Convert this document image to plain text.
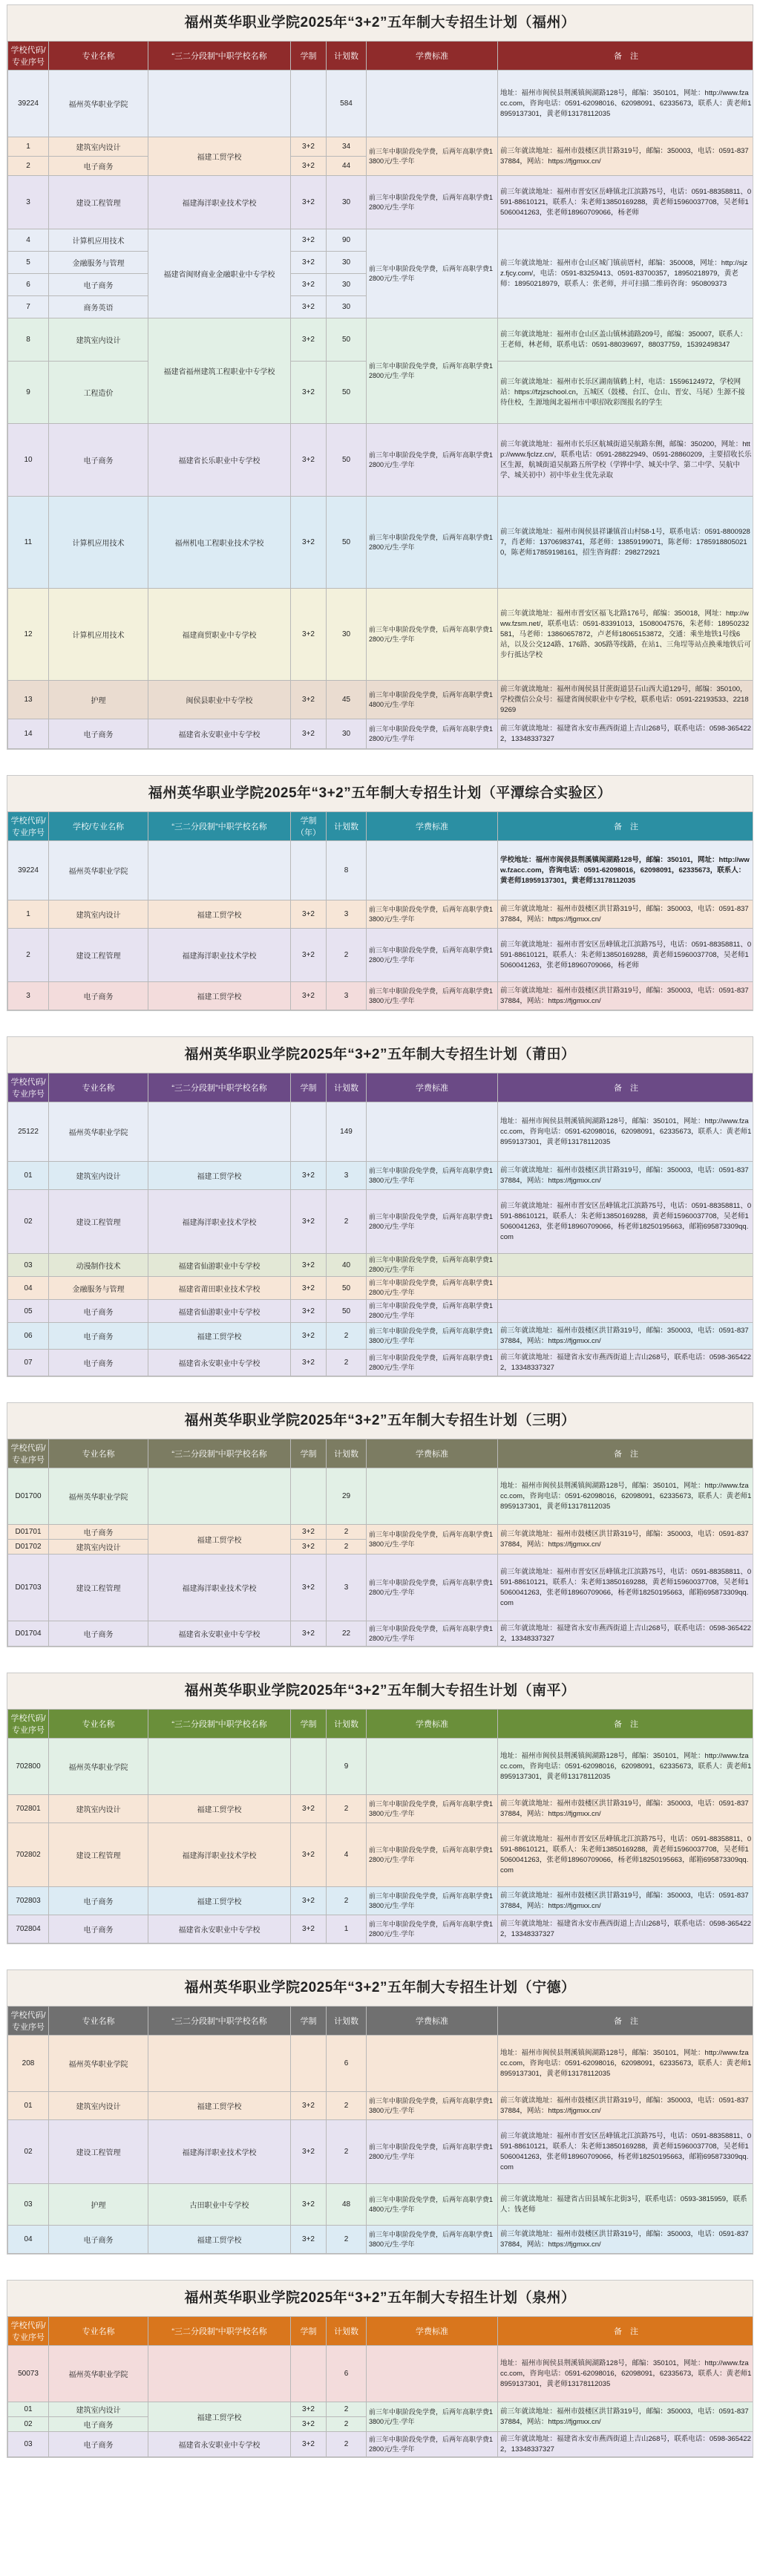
福州英华职业学院2025年“3+2”五年制大专招生计划（福州）
学校代码/专业序号	专业名称	“三二分段制”中职学校名称	学制	计划数	学费标准	备　注
39224	福州英华职业学院			584		地址：福州市闽侯县荆溪镇闽湖路128号，邮编：350101，网址：http://www.fzacc.com，咨询电话：0591-62098016、62098091、62335673，联系人：黄老师18959137301，黄老师13178112035
1	建筑室内设计	福建工贸学校	3+2	34	前三年中职阶段免学费，后两年高职学费13800元/生·学年	前三年就读地址：福州市鼓楼区洪甘路319号，邮编：350003，电话：0591-83737884，网站：https://fjgmxx.cn/
2	电子商务		3+2	44		
3	建设工程管理	福建海洋职业技术学校	3+2	30	前三年中职阶段免学费，后两年高职学费12800元/生·学年	前三年就读地址：福州市晋安区岳峰镇北江滨路75号，电话：0591-88358811、0591-88610121，联系人：朱老师13850169288，黄老师15960037708，吴老师15060041263，张老师18960709066，杨老师
4	计算机应用技术	福建省闽财商业金融职业中专学校	3+2	90	前三年中职阶段免学费，后两年高职学费12800元/生·学年	前三年就读地址：福州市仓山区城门镇前厝村，邮编：350008，网址：http://sjzz.fjcy.com/，电话：0591-83259413、0591-83700357，18950218979，黄老师：18950218979，联系人：张老师，并可扫描二维码咨询：950809373
5	金融服务与管理		3+2	30		
6	电子商务		3+2	30		
7	商务英语		3+2	30		
8	建筑室内设计	福建省福州建筑工程职业中专学校	3+2	50	前三年中职阶段免学费，后两年高职学费12800元/生·学年	前三年就读地址：福州市仓山区盖山镇林浦路209号，邮编：350007，联系人：王老师，林老师，联系电话：0591-88039697，88037759，15392498347
9	工程造价		3+2	50		前三年就读地址：福州市长乐区湖南镇鹤上村，电话：15596124972，学校网站：https://fzjzschool.cn，五城区（鼓楼、台江、仓山、晋安、马尾）生源不接待住校，生源地闽北福州市中职招收彩图报名的学生
10	电子商务	福建省长乐职业中专学校	3+2	50	前三年中职阶段免学费，后两年高职学费12800元/生·学年	前三年就读地址：福州市长乐区航城街道吴航路东侧，邮编：350200，网址：http://www.fjclzz.cn/，联系电话：0591-28822949、0591-28860209，主要招收长乐区生源，航城街道吴航路五所学校（学铧中学、城关中学、第二中学、吴航中学、城关初中）初中毕业生优先录取
11	计算机应用技术	福州机电工程职业技术学校	3+2	50	前三年中职阶段免学费，后两年高职学费12800元/生·学年	前三年就读地址：福州市闽侯县祥谦镇首山村58-1号，联系电话：0591-88009287，肖老师：13706983741，郑老师：13859199071，陈老师：17859188050210，陈老师17859198161，招生咨询群：298272921
12	计算机应用技术	福建商贸职业中专学校	3+2	30	前三年中职阶段免学费，后两年高职学费12800元/生·学年	前三年就读地址：福州市晋安区福飞北路176号，邮编：350018，网址：http://www.fzsm.net/，联系电话：0591-83391013，15080047576，朱老师：18950232581，马老师：13860657872，卢老师18065153872，交通：乘坐地铁1号线6站，以及公交124路、176路、305路等线路，在站1、三角埕等站点换乘地铁后可步行抵达学校
13	护理	闽侯县职业中专学校	3+2	45	前三年中职阶段免学费，后两年高职学费14800元/生·学年	前三年就读地址：福州市闽侯县甘蔗街道昙石山西大道129号，邮编：350100，学校微信公众号：福建省闽侯职业中专学校，联系电话：0591-22193533、22189269
14	电子商务	福建省永安职业中专学校	3+2	30	前三年中职阶段免学费，后两年高职学费12800元/生·学年	前三年就读地址：福建省永安市燕西街道上吉山268号，联系电话：0598-3654222，13348337327
福州英华职业学院2025年“3+2”五年制大专招生计划（平潭综合实验区）
学校代码/专业序号	学校/专业名称	“三二分段制”中职学校名称	学制（年）	计划数	学费标准	备　注
39224	福州英华职业学院			8		学校地址：福州市闽侯县荆溪镇闽湖路128号，邮编：350101，网址：http://www.fzacc.com，咨询电话：0591-62098016，62098091，62335673，联系人：黄老师18959137301，黄老师13178112035
1	建筑室内设计	福建工贸学校	3+2	3	前三年中职阶段免学费，后两年高职学费13800元/生·学年	前三年就读地址：福州市鼓楼区洪甘路319号，邮编：350003，电话：0591-83737884，网站：https://fjgmxx.cn/
2	建设工程管理	福建海洋职业技术学校	3+2	2	前三年中职阶段免学费，后两年高职学费12800元/生·学年	前三年就读地址：福州市晋安区岳峰镇北江滨路75号，电话：0591-88358811、0591-88610121，联系人：朱老师13850169288，黄老师15960037708，吴老师15060041263，张老师18960709066，杨老师
3	电子商务	福建工贸学校	3+2	3	前三年中职阶段免学费，后两年高职学费13800元/生·学年	前三年就读地址：福州市鼓楼区洪甘路319号，邮编：350003，电话：0591-83737884，网站：https://fjgmxx.cn/
福州英华职业学院2025年“3+2”五年制大专招生计划（莆田）
学校代码/专业序号	专业名称	“三二分段制”中职学校名称	学制	计划数	学费标准	备　注
25122	福州英华职业学院			149		地址：福州市闽侯县荆溪镇闽湖路128号，邮编：350101，网址：http://www.fzacc.com，咨询电话：0591-62098016，62098091，62335673，联系人：黄老师18959137301，黄老师13178112035
01	建筑室内设计	福建工贸学校	3+2	3	前三年中职阶段免学费，后两年高职学费13800元/生·学年	前三年就读地址：福州市鼓楼区洪甘路319号，邮编：350003，电话：0591-83737884，网站：https://fjgmxx.cn/
02	建设工程管理	福建海洋职业技术学校	3+2	2	前三年中职阶段免学费，后两年高职学费12800元/生·学年	前三年就读地址：福州市晋安区岳峰镇北江滨路75号，电话：0591-88358811、0591-88610121，联系人：朱老师13850169288，黄老师15960037708，吴老师15060041263，张老师18960709066，杨老师18250195663，邮箱695873309qq.com
03	动漫制作技术	福建省仙游职业中专学校	3+2	40	前三年中职阶段免学费，后两年高职学费12800元/生·学年	
04	金融服务与管理	福建省莆田职业技术学校	3+2	50	前三年中职阶段免学费，后两年高职学费12800元/生·学年	
05	电子商务	福建省仙游职业中专学校	3+2	50	前三年中职阶段免学费，后两年高职学费12800元/生·学年	
06	电子商务	福建工贸学校	3+2	2	前三年中职阶段免学费，后两年高职学费13800元/生·学年	前三年就读地址：福州市鼓楼区洪甘路319号，邮编：350003，电话：0591-83737884，网站：https://fjgmxx.cn/
07	电子商务	福建省永安职业中专学校	3+2	2	前三年中职阶段免学费，后两年高职学费12800元/生·学年	前三年就读地址：福建省永安市燕西街道上吉山268号，联系电话：0598-3654222，13348337327
福州英华职业学院2025年“3+2”五年制大专招生计划（三明）
学校代码/专业序号	专业名称	“三二分段制”中职学校名称	学制	计划数	学费标准	备　注
D01700	福州英华职业学院			29		地址：福州市闽侯县荆溪镇闽湖路128号，邮编：350101，网址：http://www.fzacc.com，咨询电话：0591-62098016，62098091，62335673，联系人：黄老师18959137301，黄老师13178112035
D01701	电子商务	福建工贸学校	3+2	2	前三年中职阶段免学费，后两年高职学费13800元/生·学年	前三年就读地址：福州市鼓楼区洪甘路319号，邮编：350003，电话：0591-83737884，网站：https://fjgmxx.cn/
D01702	建筑室内设计		3+2	2		
D01703	建设工程管理	福建海洋职业技术学校	3+2	3	前三年中职阶段免学费，后两年高职学费12800元/生·学年	前三年就读地址：福州市晋安区岳峰镇北江滨路75号，电话：0591-88358811、0591-88610121，联系人：朱老师13850169288，黄老师15960037708，吴老师15060041263，张老师18960709066，杨老师18250195663，邮箱695873309qq.com
D01704	电子商务	福建省永安职业中专学校	3+2	22	前三年中职阶段免学费，后两年高职学费12800元/生·学年	前三年就读地址：福建省永安市燕西街道上吉山268号，联系电话：0598-3654222，13348337327
福州英华职业学院2025年“3+2”五年制大专招生计划（南平）
学校代码/专业序号	专业名称	“三二分段制”中职学校名称	学制	计划数	学费标准	备　注
702800	福州英华职业学院			9		地址：福州市闽侯县荆溪镇闽湖路128号，邮编：350101，网址：http://www.fzacc.com，咨询电话：0591-62098016，62098091，62335673，联系人：黄老师18959137301，黄老师13178112035
702801	建筑室内设计	福建工贸学校	3+2	2	前三年中职阶段免学费，后两年高职学费13800元/生·学年	前三年就读地址：福州市鼓楼区洪甘路319号，邮编：350003，电话：0591-83737884，网站：https://fjgmxx.cn/
702802	建设工程管理	福建海洋职业技术学校	3+2	4	前三年中职阶段免学费，后两年高职学费12800元/生·学年	前三年就读地址：福州市晋安区岳峰镇北江滨路75号，电话：0591-88358811、0591-88610121，联系人：朱老师13850169288，黄老师15960037708，吴老师15060041263，张老师18960709066，杨老师18250195663，邮箱695873309qq.com
702803	电子商务	福建工贸学校	3+2	2	前三年中职阶段免学费，后两年高职学费13800元/生·学年	前三年就读地址：福州市鼓楼区洪甘路319号，邮编：350003，电话：0591-83737884，网站：https://fjgmxx.cn/
702804	电子商务	福建省永安职业中专学校	3+2	1	前三年中职阶段免学费，后两年高职学费12800元/生·学年	前三年就读地址：福建省永安市燕西街道上吉山268号，联系电话：0598-3654222，13348337327
福州英华职业学院2025年“3+2”五年制大专招生计划（宁德）
学校代码/专业序号	专业名称	“三二分段制”中职学校名称	学制	计划数	学费标准	备　注
208	福州英华职业学院			6		地址：福州市闽侯县荆溪镇闽湖路128号，邮编：350101，网址：http://www.fzacc.com，咨询电话：0591-62098016，62098091，62335673，联系人：黄老师18959137301，黄老师13178112035
01	建筑室内设计	福建工贸学校	3+2	2	前三年中职阶段免学费，后两年高职学费13800元/生·学年	前三年就读地址：福州市鼓楼区洪甘路319号，邮编：350003，电话：0591-83737884，网站：https://fjgmxx.cn/
02	建设工程管理	福建海洋职业技术学校	3+2	2	前三年中职阶段免学费，后两年高职学费12800元/生·学年	前三年就读地址：福州市晋安区岳峰镇北江滨路75号，电话：0591-88358811、0591-88610121，联系人：朱老师13850169288，黄老师15960037708，吴老师15060041263，张老师18960709066，杨老师18250195663，邮箱695873309qq.com
03	护理	古田职业中专学校	3+2	48	前三年中职阶段免学费，后两年高职学费14800元/生·学年	前三年就读地址：福建省古田县城东北街3号，联系电话：0593-3815959，联系人：钱老师
04	电子商务	福建工贸学校	3+2	2	前三年中职阶段免学费，后两年高职学费13800元/生·学年	前三年就读地址：福州市鼓楼区洪甘路319号，邮编：350003，电话：0591-83737884，网站：https://fjgmxx.cn/
福州英华职业学院2025年“3+2”五年制大专招生计划（泉州）
学校代码/专业序号	专业名称	“三二分段制”中职学校名称	学制	计划数	学费标准	备　注
50073	福州英华职业学院			6		地址：福州市闽侯县荆溪镇闽湖路128号，邮编：350101，网址：http://www.fzacc.com，咨询电话：0591-62098016，62098091，62335673，联系人：黄老师18959137301，黄老师13178112035
01	建筑室内设计	福建工贸学校	3+2	2	前三年中职阶段免学费，后两年高职学费13800元/生·学年	前三年就读地址：福州市鼓楼区洪甘路319号，邮编：350003，电话：0591-83737884，网站：https://fjgmxx.cn/
02	电子商务		3+2	2		
03	电子商务	福建省永安职业中专学校	3+2	2	前三年中职阶段免学费，后两年高职学费12800元/生·学年	前三年就读地址：福建省永安市燕西街道上吉山268号，联系电话：0598-3654222，13348337327
